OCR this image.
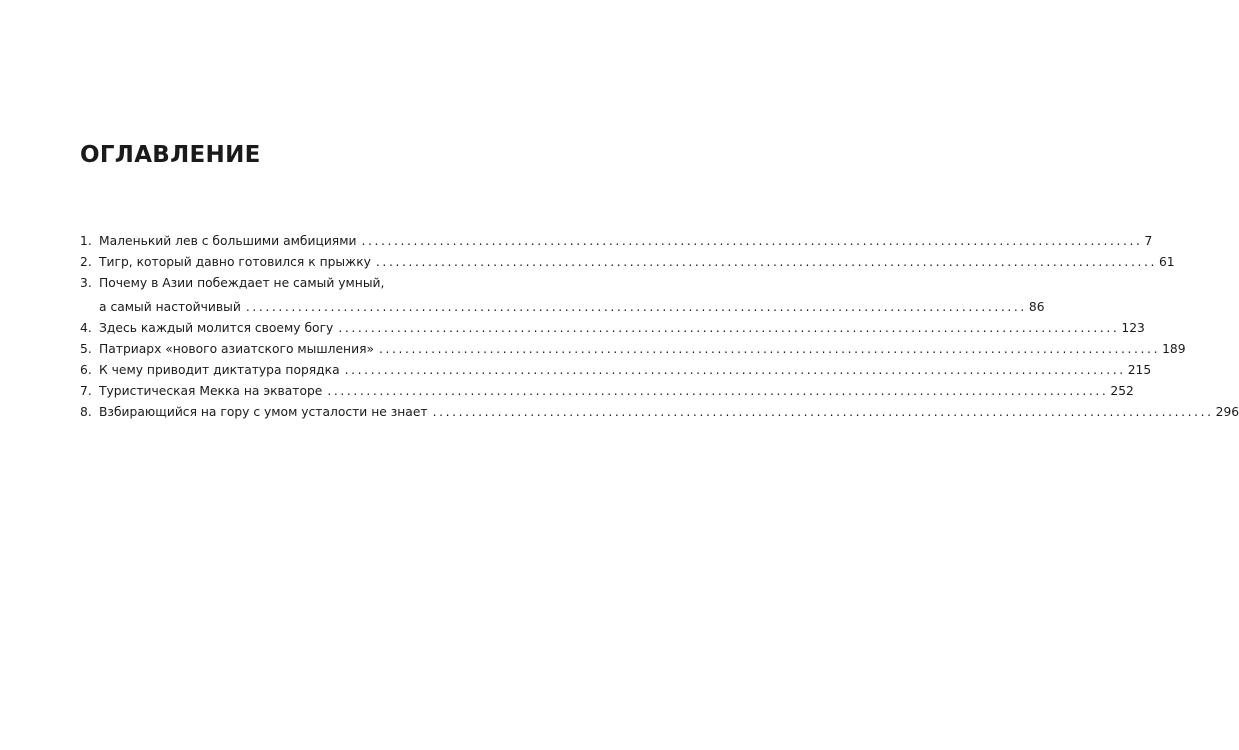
ОГЛАВЛЕНИЕ
1. Маленький лев с большими амбициями ........................................................................................................................ 7
2. Тигр, который давно готовился к прыжку ........................................................................................................................ 61
3. Почему в Азии побеждает не самый умный,
а самый настойчивый ........................................................................................................................ 86
4. Здесь каждый молится своему богу ........................................................................................................................ 123
5. Патриарх «нового азиатского мышления» ........................................................................................................................ 189
6. К чему приводит диктатура порядка ........................................................................................................................ 215
7. Туристическая Мекка на экваторе ........................................................................................................................ 252
8. Взбирающийся на гору с умом усталости не знает ........................................................................................................................ 296
